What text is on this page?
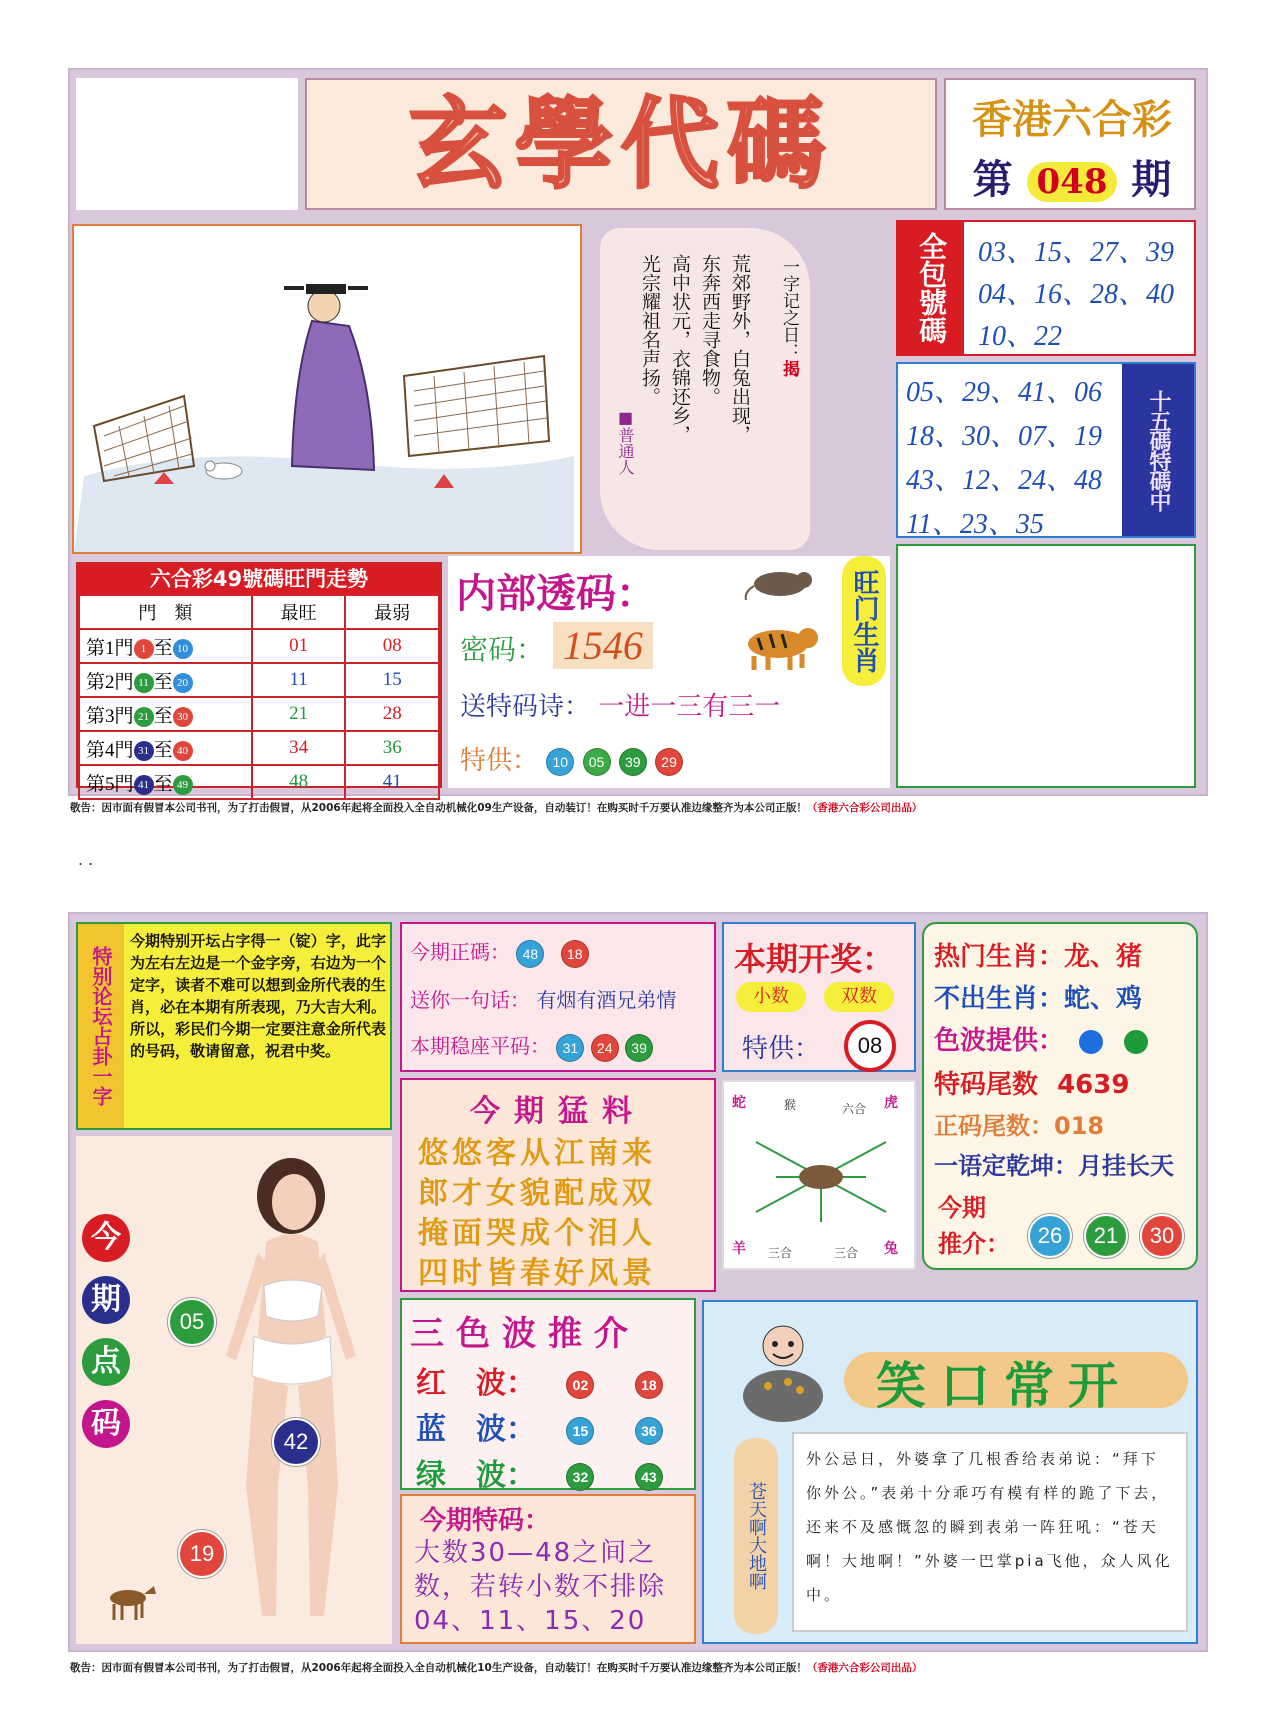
玄學代碼	香港六合彩
第 048 期
一字记之日：揭
荒郊野外，白兔出现，
东奔西走寻食物。
高中状元，衣锦还乡，
光宗耀祖名声扬。
■普通人
全包號碼	03、15、27、39
04、16、28、40
10、22
05、29、41、06
18、30、07、19
43、12、24、48
11、23、35
十五碼特碼中
六合彩49號碼旺門走勢
門　類	最旺	最弱
第1門 1 至 10	01	08
第2門 11 至 20	11	15
第3門 21 至 30	21	28
第4門 31 至 40	34	36
第5門 41 至 49	48	41
内部透码：
密码： 1546
送特码诗： 一进一三有三一
特供： 10 05 39 29
旺门生肖
敬告：因市面有假冒本公司书刊，为了打击假冒，从2006年起将全面投入全自动机械化09生产设备，自动装订！在购买时千万要认准边缘整齐为本公司正版！（香港六合彩公司出品）
. .
特别论坛占卦一字
今期特别开坛占字得一（锭）字，此字为左右左边是一个金字旁，右边为一个定字，读者不难可以想到金所代表的生肖，必在本期有所表现，乃大吉大利。所以，彩民们今期一定要注意金所代表的号码，敬请留意，祝君中奖。
今
期
点
码
05
42
19
今期正碼： 48 18
送你一句话： 有烟有酒兄弟情
本期稳座平码： 31 24 39
本期开奖：
小数	双数
特供：	08
蛇	猴	六合 虎
羊 三合	三合 兔
热门生肖：龙、猪
不出生肖：蛇、鸡
色波提供：
特码尾数 4639
正码尾数：018
一语定乾坤：月挂长天
今期
推介：	26	21	30
今期猛料
悠悠客从江南来
郎才女貌配成双
掩面哭成个泪人
四时皆春好风景
三色波推介
红　波：	02	18
蓝　波：	15	36
绿　波：	32	43
今期特码：
大数30—48之间之数，若转小数不排除04、11、15、20
笑口常开
苍天啊大地啊
外公忌日，外婆拿了几根香给表弟说：“拜下你外公。”表弟十分乖巧有模有样的跪了下去，还来不及感慨忽的瞬到表弟一阵狂吼：“苍天啊！大地啊！”外婆一巴掌pia飞他，众人风化中。
敬告：因市面有假冒本公司书刊，为了打击假冒，从2006年起将全面投入全自动机械化10生产设备，自动装订！在购买时千万要认准边缘整齐为本公司正版！（香港六合彩公司出品）
